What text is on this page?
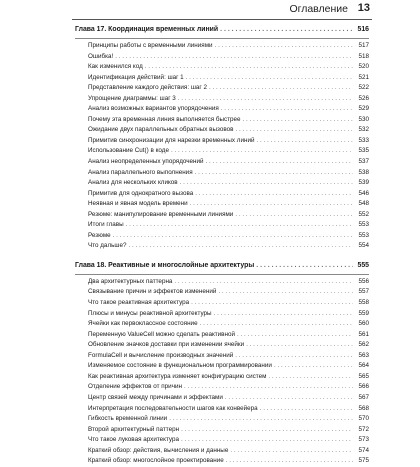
Оглавление 13
Глава 17. Координация временных линий . . .	516
Принципы работы с временными линиями . . .	517
Ошибка! . . .	518
Как изменился код . . .	520
Идентификация действий: шаг 1 . . .	521
Представление каждого действия: шаг 2 . . .	522
Упрощение диаграммы: шаг 3 . . .	526
Анализ возможных вариантов упорядочения . . .	529
Почему эта временная линия выполняется быстрее . . .	530
Ожидание двух параллельных обратных вызовов . . .	532
Примитив синхронизации для нарезки временных линий . . .	533
Использование Cut() в коде . . .	535
Анализ неопределенных упорядочений . . .	537
Анализ параллельного выполнения . . .	538
Анализ для нескольких кликов . . .	539
Примитив для однократного вызова . . .	546
Неявная и явная модель времени . . .	548
Резюме: манипулирование временными линиями . . .	552
Итоги главы . . .	553
Резюме . . .	553
Что дальше? . . .	554
Глава 18. Реактивные и многослойные архитектуры . . .	555
Два архитектурных паттерна . . .	556
Связывание причин и эффектов изменений . . .	557
Что такое реактивная архитектура . . .	558
Плюсы и минусы реактивной архитектуры . . .	559
Ячейки как первоклассное состояние . . .	560
Переменную ValueCell можно сделать реактивной . . .	561
Обновление значков доставки при изменении ячейки . . .	562
FormulaCell и вычисление производных значений . . .	563
Изменяемое состояние в функциональном программировании . . .	564
Как реактивная архитектура изменяет конфигурацию систем . . .	565
Отделение эффектов от причин . . .	566
Центр связей между причинами и эффектами . . .	567
Интерпретация последовательности шагов как конвейера . . .	568
Гибкость временной линии . . .	570
Второй архитектурный паттерн . . .	572
Что такое луковая архитектура . . .	573
Краткий обзор: действия, вычисления и данные . . .	574
Краткий обзор: многослойное проектирование . . .	575
